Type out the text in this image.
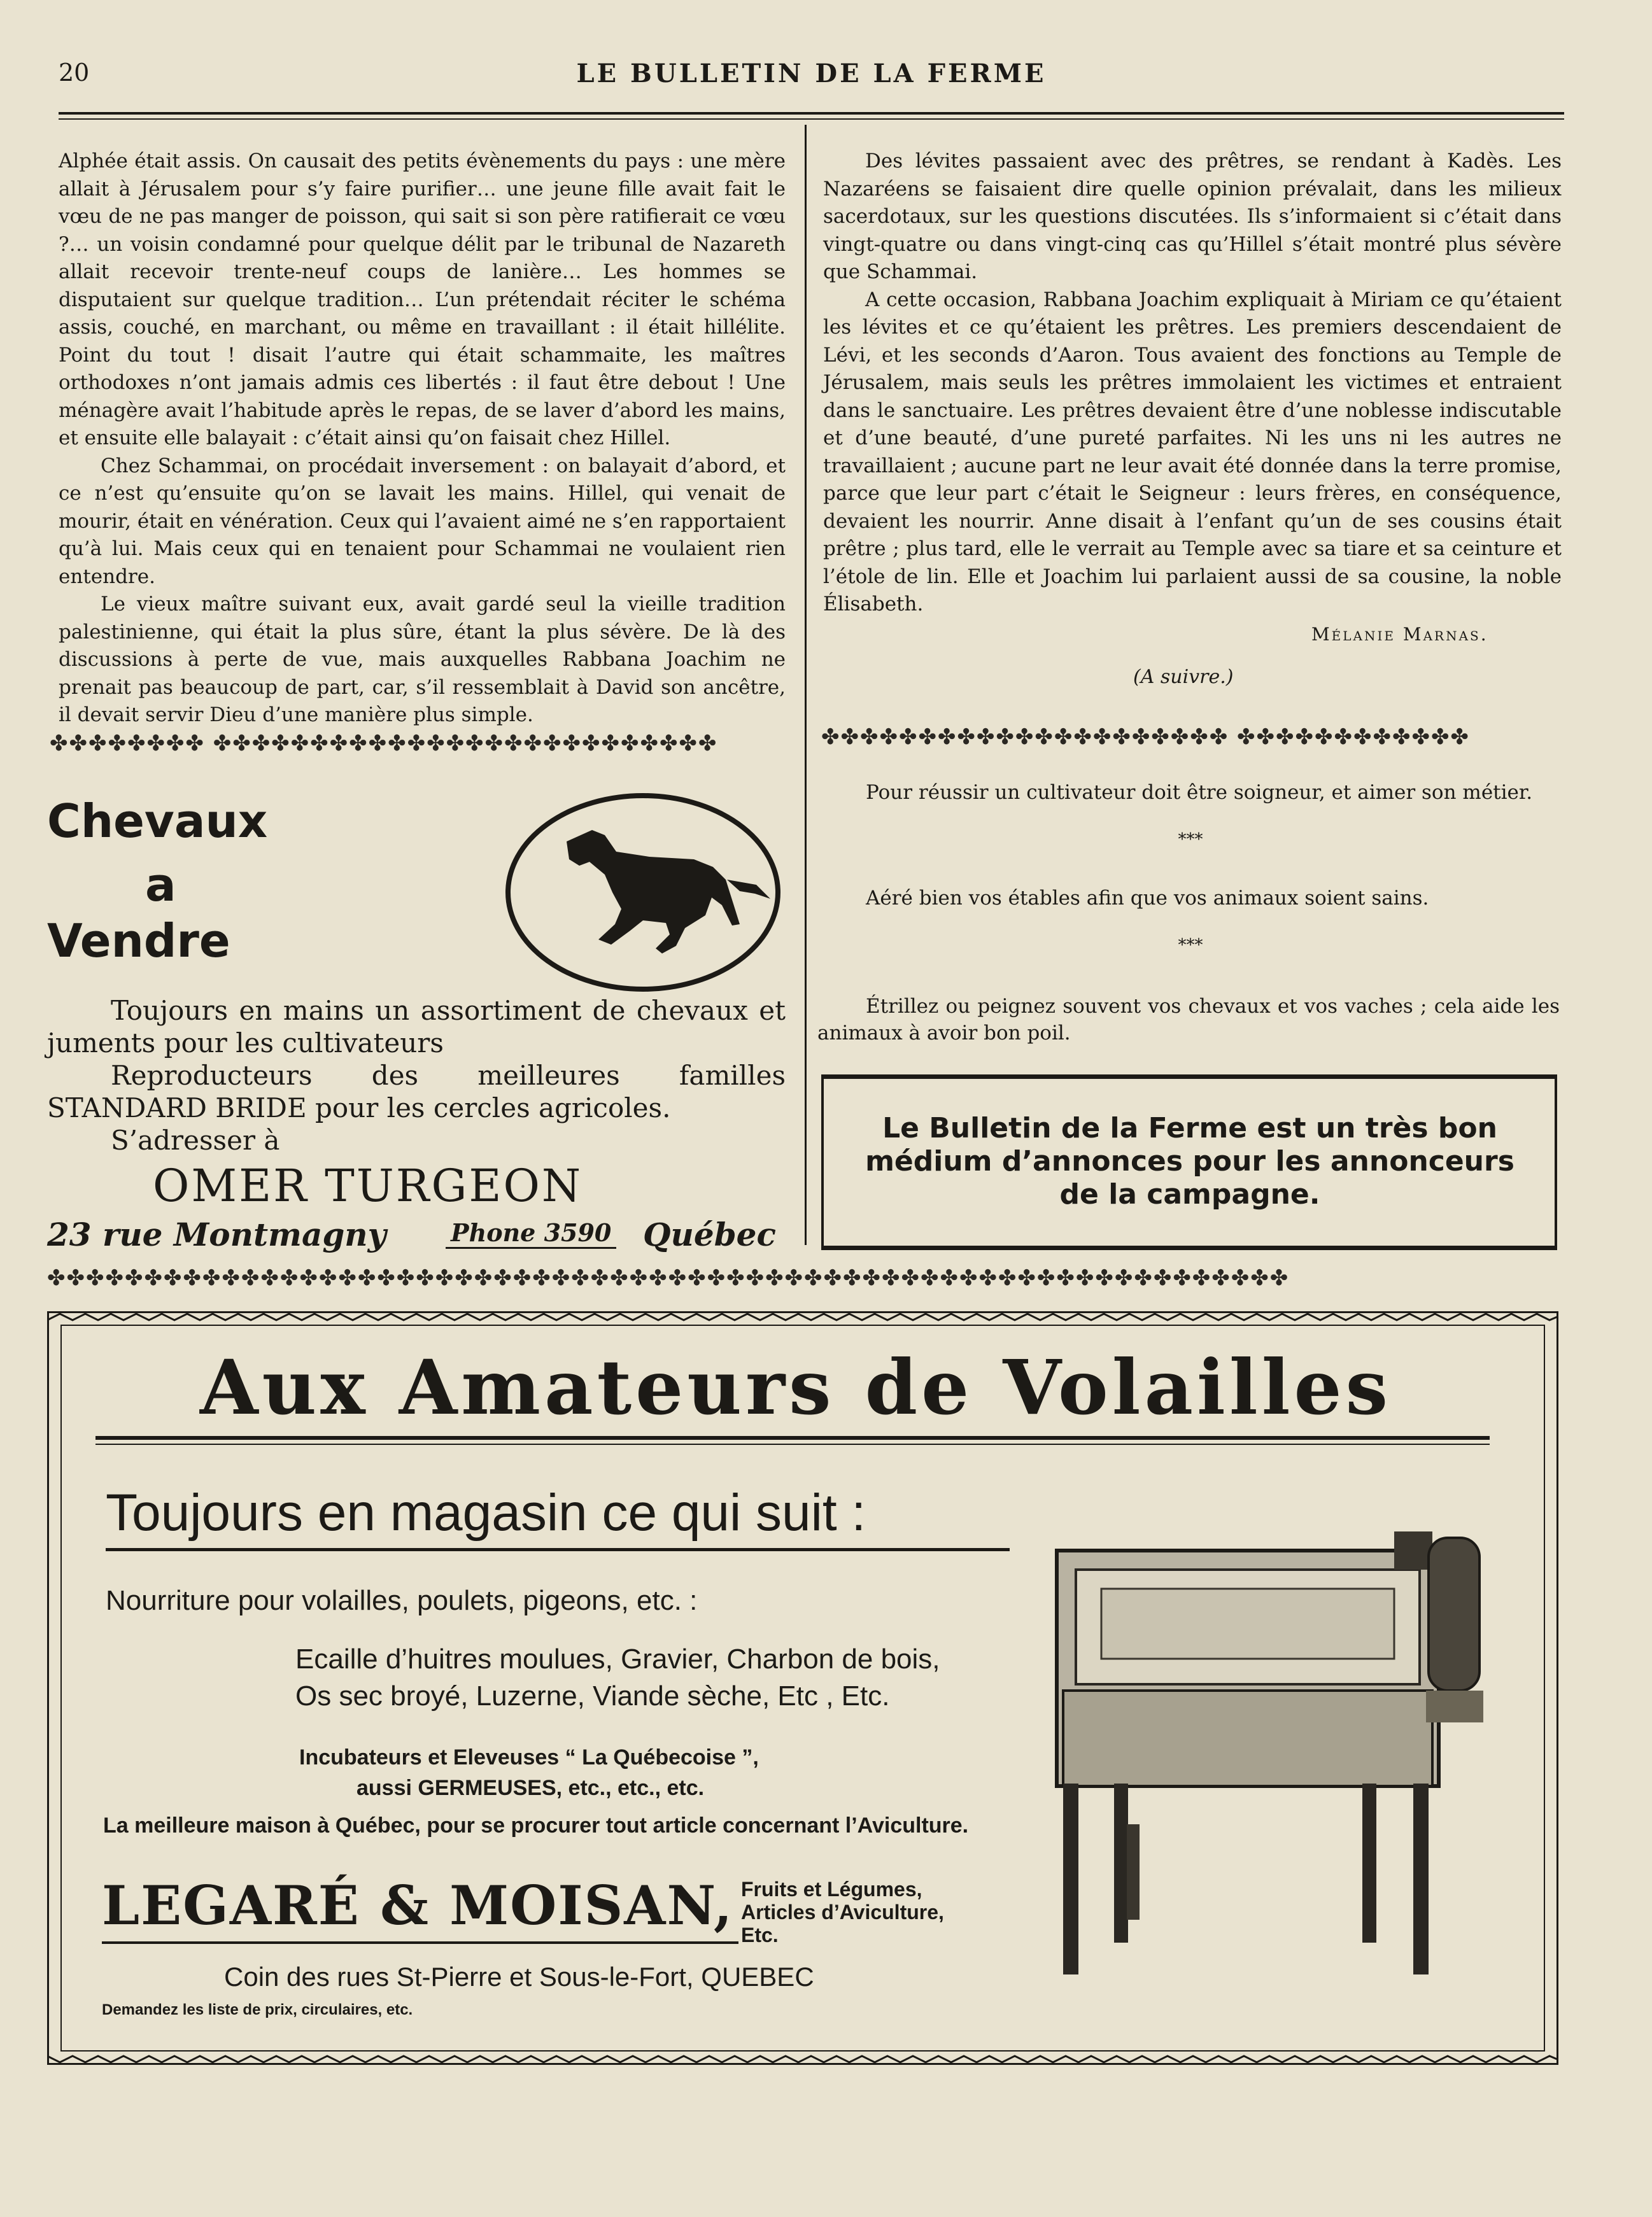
LE BULLETIN DE LA FERME
20

Alphée était assis. On causait des petits évènements du pays : une mère allait à Jérusalem pour s’y faire purifier… une jeune fille avait fait le vœu de ne pas manger de poisson, qui sait si son père ratifierait ce vœu ?… un voisin condamné pour quelque délit par le tribunal de Nazareth allait recevoir trente-neuf coups de lanière… Les hommes se disputaient sur quelque tradition… L’un prétendait réciter le schéma assis, couché, en marchant, ou même en travaillant : il était hillélite. Point du tout ! disait l’autre qui était schammaite, les maîtres orthodoxes n’ont jamais admis ces libertés : il faut être debout ! Une ménagère avait l’habitude après le repas, de se laver d’abord les mains, et ensuite elle balayait : c’était ainsi qu’on faisait chez Hillel.

Chez Schammai, on procédait inversement : on balayait d’abord, et ce n’est qu’ensuite qu’on se lavait les mains. Hillel, qui venait de mourir, était en vénération. Ceux qui l’avaient aimé ne s’en rapportaient qu’à lui. Mais ceux qui en tenaient pour Schammai ne voulaient rien entendre.

Le vieux maître suivant eux, avait gardé seul la vieille tradition palestinienne, qui était la plus sûre, étant la plus sévère. De là des discussions à perte de vue, mais auxquelles Rabbana Joachim ne prenait pas beaucoup de part, car, s’il ressemblait à David son ancêtre, il devait servir Dieu d’une manière plus simple.

Des lévites passaient avec des prêtres, se rendant à Kadès. Les Nazaréens se faisaient dire quelle opinion prévalait, dans les milieux sacerdotaux, sur les questions discutées. Ils s’informaient si c’était dans vingt-quatre ou dans vingt-cinq cas qu’Hillel s’était montré plus sévère que Schammai.

A cette occasion, Rabbana Joachim expliquait à Miriam ce qu’étaient les lévites et ce qu’étaient les prêtres. Les premiers descendaient de Lévi, et les seconds d’Aaron. Tous avaient des fonctions au Temple de Jérusalem, mais seuls les prêtres immolaient les victimes et entraient dans le sanctuaire. Les prêtres devaient être d’une noblesse indiscutable et d’une beauté, d’une pureté parfaites. Ni les uns ni les autres ne travaillaient ; aucune part ne leur avait été donnée dans la terre promise, parce que leur part c’était le Seigneur : leurs frères, en conséquence, devaient les nourrir. Anne disait à l’enfant qu’un de ses cousins était prêtre ; plus tard, elle le verrait au Temple avec sa tiare et sa ceinture et l’étole de lin. Elle et Joachim lui parlaient aussi de sa cousine, la noble Élisabeth.

Mélanie Marnas.
(A suivre.)
✤✤✤✤✤✤✤✤ ✤✤✤✤✤✤✤✤✤✤✤✤✤✤✤✤✤✤✤✤✤✤✤✤✤✤	✤✤✤✤✤✤✤✤✤✤✤✤✤✤✤✤✤✤✤✤✤ ✤✤✤✤✤✤✤✤✤✤✤✤
Chevaux
a
Vendre
Toujours en mains un assortiment de chevaux et juments pour les cultivateurs
Reproducteurs des meilleures familles STANDARD BRIDE pour les cercles agricoles.
S’adresser à
OMER TURGEON
23 rue Montmagny	Phone 3590 Québec
Pour réussir un cultivateur doit être soigneur, et aimer son métier.
***
Aéré bien vos étables afin que vos animaux soient sains.
***
Étrillez ou peignez souvent vos chevaux et vos vaches ; cela aide les animaux à avoir bon poil.
Le Bulletin de la Ferme est un très bon médium d’annonces pour les annonceurs de la campagne.
✤✤✤✤✤✤✤✤✤✤✤✤✤✤✤✤✤✤✤✤✤✤✤✤✤✤✤✤✤✤✤✤✤✤✤✤✤✤✤✤✤✤✤✤✤✤✤✤✤✤✤✤✤✤✤✤✤✤✤✤✤✤✤✤
Aux Amateurs de Volailles
Toujours en magasin ce qui suit :
Nourriture pour volailles, poulets, pigeons, etc. :
Ecaille d’huitres moulues, Gravier, Charbon de bois,
Os sec broyé, Luzerne, Viande sèche, Etc , Etc.
Incubateurs et Eleveuses “ La Québecoise ”,
aussi GERMEUSES, etc., etc., etc.
La meilleure maison à Québec, pour se procurer tout article concernant l’Aviculture.
LEGARÉ & MOISAN, Fruits et Légumes,
Articles d’Aviculture,
Etc.
Coin des rues St-Pierre et Sous-le-Fort, QUEBEC
Demandez les liste de prix, circulaires, etc.
